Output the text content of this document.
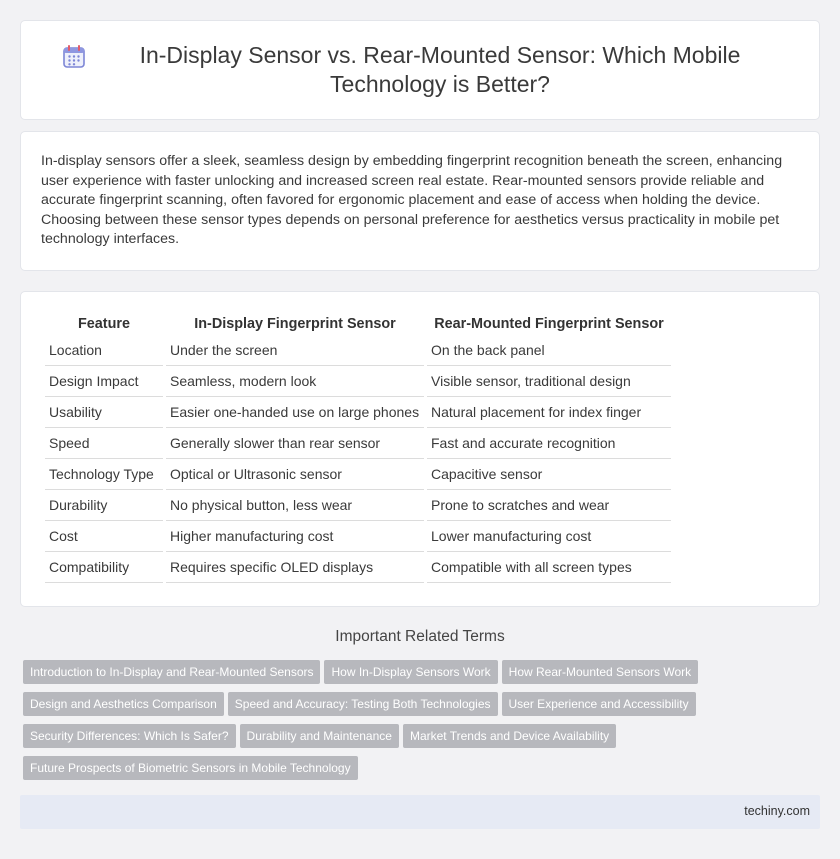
In-Display Sensor vs. Rear-Mounted Sensor: Which Mobile Technology is Better?

In-display sensors offer a sleek, seamless design by embedding fingerprint recognition beneath the screen, enhancing user experience with faster unlocking and increased screen real estate. Rear-mounted sensors provide reliable and accurate fingerprint scanning, often favored for ergonomic placement and ease of access when holding the device. Choosing between these sensor types depends on personal preference for aesthetics versus practicality in mobile pet technology interfaces.

Feature	In-Display Fingerprint Sensor	Rear-Mounted Fingerprint Sensor
Location	Under the screen	On the back panel
Design Impact	Seamless, modern look	Visible sensor, traditional design
Usability	Easier one-handed use on large phones	Natural placement for index finger
Speed	Generally slower than rear sensor	Fast and accurate recognition
Technology Type	Optical or Ultrasonic sensor	Capacitive sensor
Durability	No physical button, less wear	Prone to scratches and wear
Cost	Higher manufacturing cost	Lower manufacturing cost
Compatibility	Requires specific OLED displays	Compatible with all screen types
Important Related Terms
Introduction to In-Display and Rear-Mounted Sensors	How In-Display Sensors Work	How Rear-Mounted Sensors Work
Design and Aesthetics Comparison	Speed and Accuracy: Testing Both Technologies	User Experience and Accessibility
Security Differences: Which Is Safer?	Durability and Maintenance	Market Trends and Device Availability
Future Prospects of Biometric Sensors in Mobile Technology
techiny.com
